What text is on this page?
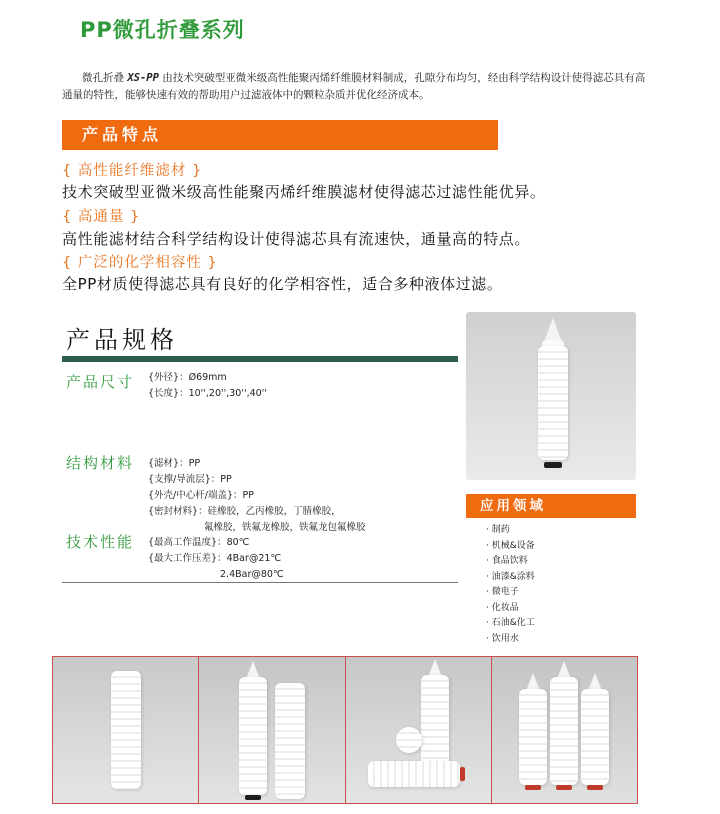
PP微孔折叠系列

微孔折叠 XS-PP 由技术突破型亚微米级高性能聚丙烯纤维膜材料制成，孔隙分布均匀，经由科学结构设计使得滤芯具有高通量的特性，能够快速有效的帮助用户过滤液体中的颗粒杂质并优化经济成本。

产品特点
{ 高性能纤维滤材 }
技术突破型亚微米级高性能聚丙烯纤维膜滤材使得滤芯过滤性能优异。
{ 高通量 }
高性能滤材结合科学结构设计使得滤芯具有流速快，通量高的特点。
{ 广泛的化学相容性 }
全PP材质使得滤芯具有良好的化学相容性，适合多种液体过滤。
产品规格
产品尺寸 {外径}：Ø69mm
{长度}：10'',20'',30'',40''
结构材料 {滤材}：PP
{支撑/导流层}：PP
{外壳/中心杆/端盖}：PP
{密封材料}：硅橡胶，乙丙橡胶，丁腈橡胶，
氟橡胶，铁氟龙橡胶，铁氟龙包氟橡胶
技术性能 {最高工作温度}：80℃
{最大工作压差}：4Bar@21℃
2.4Bar@80℃
应用领域
· 制药
· 机械&设备
· 食品饮料
· 油漆&涂料
· 微电子
· 化妆品
· 石油&化工
· 饮用水
